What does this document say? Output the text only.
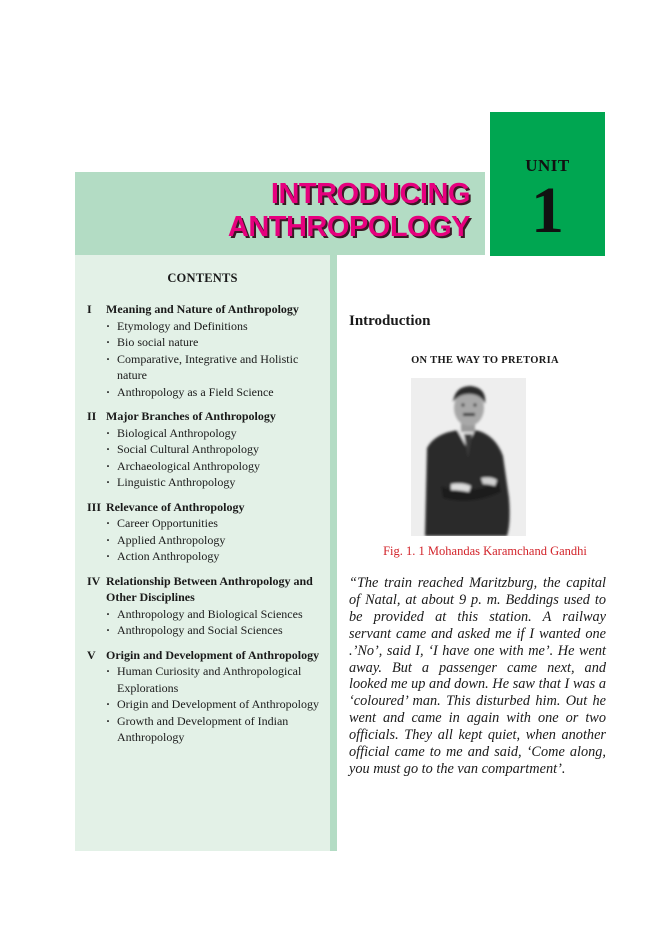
INTRODUCING
ANTHROPOLOGY
UNIT
1
CONTENTS
I	Meaning and Nature of Anthropology
· Etymology and Definitions
· Bio social nature
· Comparative, Integrative and Holistic nature
· Anthropology as a Field Science
II Major Branches of Anthropology
· Biological Anthropology
· Social Cultural Anthropology
· Archaeological Anthropology
· Linguistic Anthropology
III Relevance of Anthropology
· Career Opportunities
· Applied Anthropology
· Action Anthropology
IV Relationship Between Anthropology and Other Disciplines
· Anthropology and Biological Sciences
· Anthropology and Social Sciences
V Origin and Development of Anthropology
· Human Curiosity and Anthropological Explorations
· Origin and Development of Anthropology
· Growth and Development of Indian Anthropology
Introduction
ON THE WAY TO PRETORIA
Fig. 1. 1 Mohandas Karamchand Gandhi
“The train reached Maritzburg, the capital of Natal, at about 9 p. m. Beddings used to be provided at this station. A railway servant came and asked me if I wanted one .’No’, said I, ‘I have one with me’. He went away. But a passenger came next, and looked me up and down. He saw that I was a ‘coloured’ man. This disturbed him. Out he went and came in again with one or two officials. They all kept quiet, when another official came to me and said, ‘Come along, you must go to the van compartment’.
